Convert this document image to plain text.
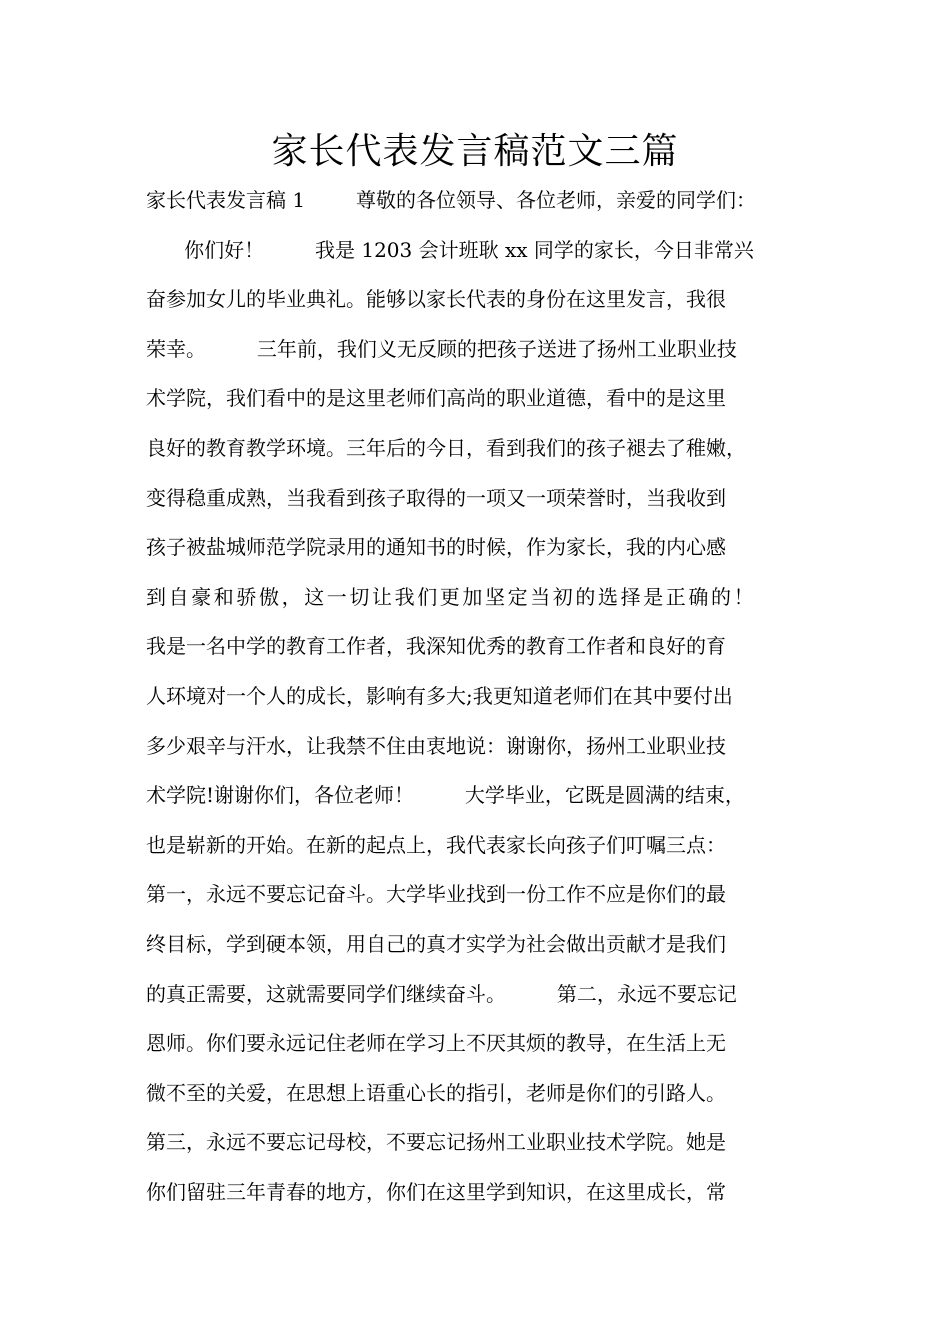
家长代表发言稿范文三篇
家长代表发言稿 1        尊敬的各位领导、各位老师，亲爱的同学们：
你们好！        我是 1203 会计班耿 xx 同学的家长，今日非常兴
奋参加女儿的毕业典礼。能够以家长代表的身份在这里发言，我很
荣幸。        三年前，我们义无反顾的把孩子送进了扬州工业职业技
术学院，我们看中的是这里老师们高尚的职业道德，看中的是这里
良好的教育教学环境。三年后的今日，看到我们的孩子褪去了稚嫩，
变得稳重成熟，当我看到孩子取得的一项又一项荣誉时，当我收到
孩子被盐城师范学院录用的通知书的时候，作为家长，我的内心感
到自豪和骄傲，这一切让我们更加坚定当初的选择是正确的！
我是一名中学的教育工作者，我深知优秀的教育工作者和良好的育
人环境对一个人的成长，影响有多大;我更知道老师们在其中要付出
多少艰辛与汗水，让我禁不住由衷地说：谢谢你，扬州工业职业技
术学院!谢谢你们，各位老师！        大学毕业，它既是圆满的结束，
也是崭新的开始。在新的起点上，我代表家长向孩子们叮嘱三点：
第一，永远不要忘记奋斗。大学毕业找到一份工作不应是你们的最
终目标，学到硬本领，用自己的真才实学为社会做出贡献才是我们
的真正需要，这就需要同学们继续奋斗。        第二，永远不要忘记
恩师。你们要永远记住老师在学习上不厌其烦的教导，在生活上无
微不至的关爱，在思想上语重心长的指引，老师是你们的引路人。
第三，永远不要忘记母校，不要忘记扬州工业职业技术学院。她是
你们留驻三年青春的地方，你们在这里学到知识，在这里成长，常
